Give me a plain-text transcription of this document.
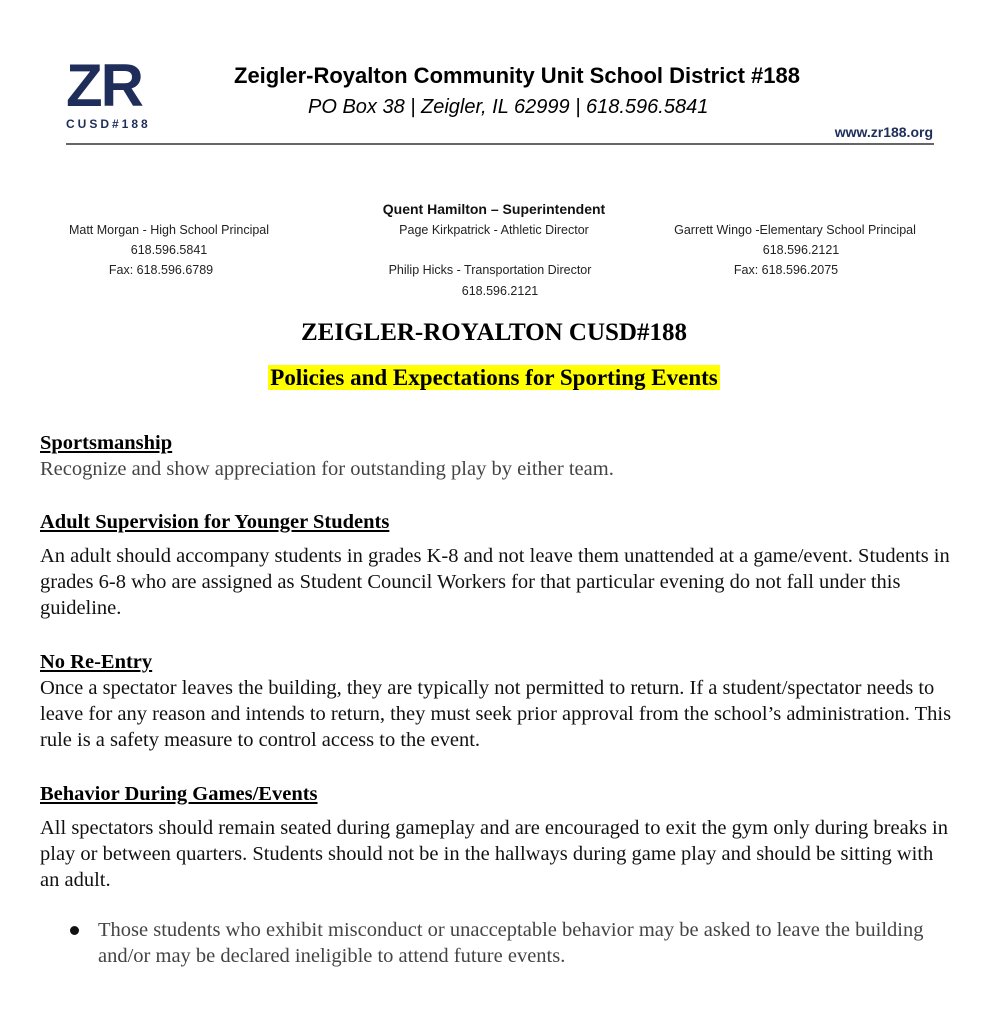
ZR
CUSD#188
Zeigler-Royalton Community Unit School District #188
PO Box 38 | Zeigler, IL 62999 | 618.596.5841
www.zr188.org
Quent Hamilton – Superintendent
Matt Morgan - High School Principal
618.596.5841
Fax: 618.596.6789
Page Kirkpatrick - Athletic Director
Philip Hicks - Transportation Director
618.596.2121
Garrett Wingo -Elementary School Principal
618.596.2121
Fax: 618.596.2075
ZEIGLER-ROYALTON CUSD#188
Policies and Expectations for Sporting Events
Sportsmanship
Recognize and show appreciation for outstanding play by either team.
Adult Supervision for Younger Students
An adult should accompany students in grades K-8 and not leave them unattended at a game/event. Students in grades 6-8 who are assigned as Student Council Workers for that particular evening do not fall under this guideline.
No Re-Entry
Once a spectator leaves the building, they are typically not permitted to return. If a student/spectator needs to leave for any reason and intends to return, they must seek prior approval from the school’s administration. This rule is a safety measure to control access to the event.
Behavior During Games/Events
All spectators should remain seated during gameplay and are encouraged to exit the gym only during breaks in play or between quarters. Students should not be in the hallways during game play and should be sitting with an adult.
Those students who exhibit misconduct or unacceptable behavior may be asked to leave the building and/or may be declared ineligible to attend future events.
